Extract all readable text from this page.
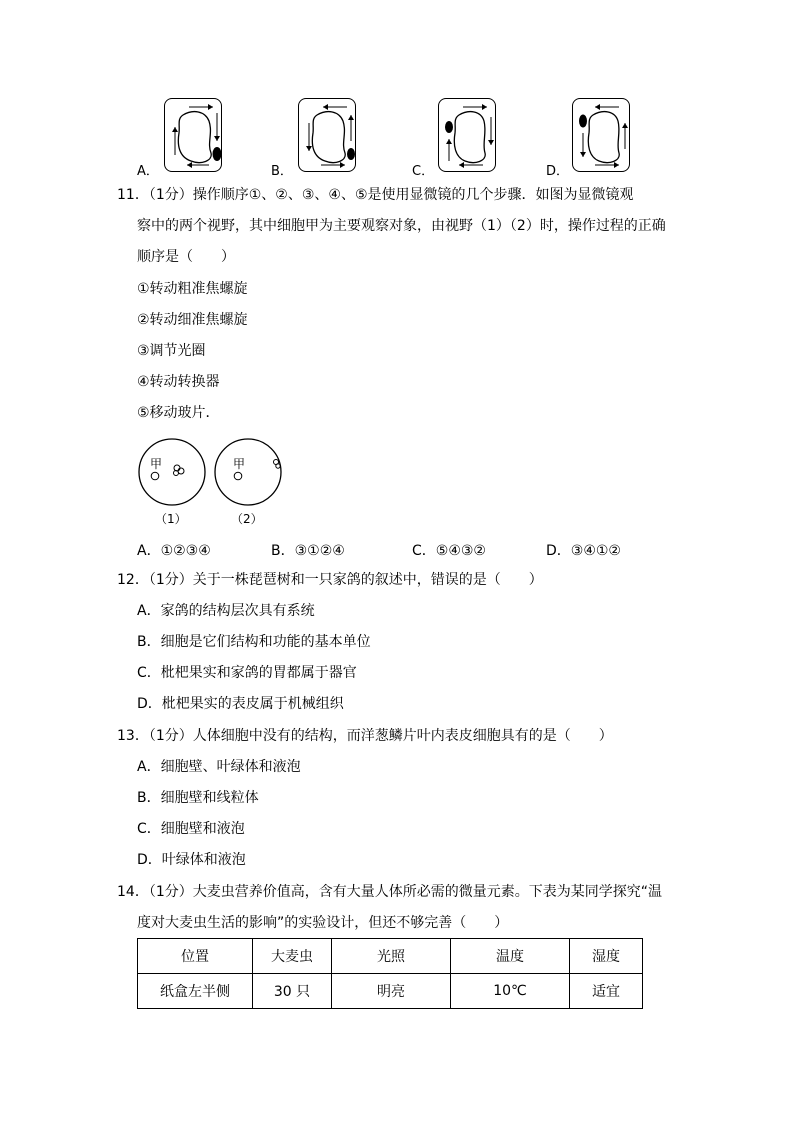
A．	B．	C．	D．
11．（1分）操作顺序①、②、③、④、⑤是使用显微镜的几个步骤．如图为显微镜观
察中的两个视野，其中细胞甲为主要观察对象，由视野（1）（2）时，操作过程的正确
顺序是（　　）
①转动粗准焦螺旋
②转动细准焦螺旋
③调节光圈
④转动转换器
⑤移动玻片．
甲	甲
（1）	（2）
A．①②③④	B．③①②④	C．⑤④③②	D．③④①②
12．（1分）关于一株琵琶树和一只家鸽的叙述中，错误的是（　　）
A．家鸽的结构层次具有系统
B．细胞是它们结构和功能的基本单位
C．枇杷果实和家鸽的胃都属于器官
D．枇杷果实的表皮属于机械组织
13．（1分）人体细胞中没有的结构，而洋葱鳞片叶内表皮细胞具有的是（　　）
A．细胞壁、叶绿体和液泡
B．细胞壁和线粒体
C．细胞壁和液泡
D．叶绿体和液泡
14．（1分）大麦虫营养价值高，含有大量人体所必需的微量元素。下表为某同学探究“温
度对大麦虫生活的影响”的实验设计，但还不够完善（　　）
位置	大麦虫	光照	温度	湿度
纸盒左半侧	30 只	明亮	10℃	适宜
